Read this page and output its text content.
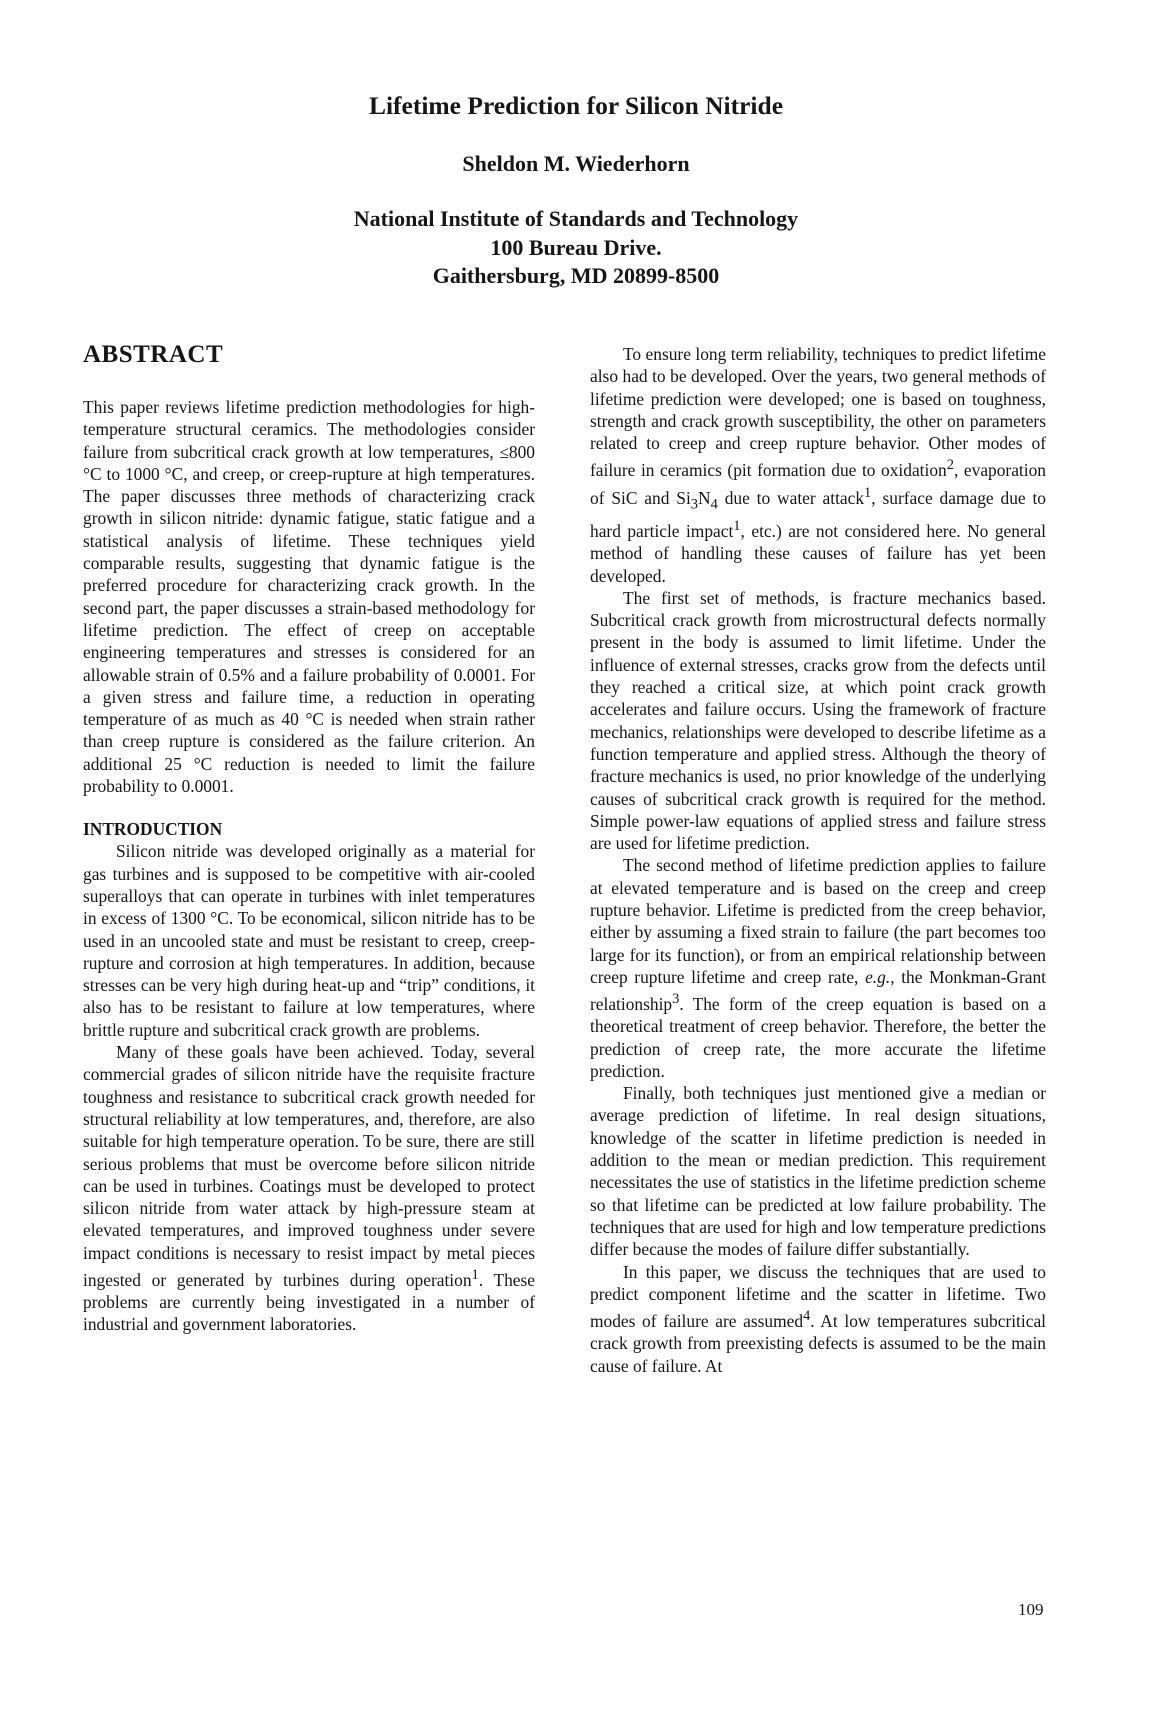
Lifetime Prediction for Silicon Nitride
Sheldon M. Wiederhorn
National Institute of Standards and Technology
100 Bureau Drive.
Gaithersburg, MD 20899-8500
ABSTRACT

This paper reviews lifetime prediction methodologies for high-temperature structural ceramics. The methodologies consider failure from subcritical crack growth at low temperatures, ≤800 °C to 1000 °C, and creep, or creep-rupture at high temperatures. The paper discusses three methods of characterizing crack growth in silicon nitride: dynamic fatigue, static fatigue and a statistical analysis of lifetime. These techniques yield comparable results, suggesting that dynamic fatigue is the preferred procedure for characterizing crack growth. In the second part, the paper discusses a strain-based methodology for lifetime prediction. The effect of creep on acceptable engineering temperatures and stresses is considered for an allowable strain of 0.5% and a failure probability of 0.0001. For a given stress and failure time, a reduction in operating temperature of as much as 40 °C is needed when strain rather than creep rupture is considered as the failure criterion. An additional 25 °C reduction is needed to limit the failure probability to 0.0001.

INTRODUCTION

Silicon nitride was developed originally as a material for gas turbines and is supposed to be competitive with air-cooled superalloys that can operate in turbines with inlet temperatures in excess of 1300 °C. To be economical, silicon nitride has to be used in an uncooled state and must be resistant to creep, creep-rupture and corrosion at high temperatures. In addition, because stresses can be very high during heat-up and “trip” conditions, it also has to be resistant to failure at low temperatures, where brittle rupture and subcritical crack growth are problems.

Many of these goals have been achieved. Today, several commercial grades of silicon nitride have the requisite fracture toughness and resistance to subcritical crack growth needed for structural reliability at low temperatures, and, therefore, are also suitable for high temperature operation. To be sure, there are still serious problems that must be overcome before silicon nitride can be used in turbines. Coatings must be developed to protect silicon nitride from water attack by high-pressure steam at elevated temperatures, and improved toughness under severe impact conditions is necessary to resist impact by metal pieces ingested or generated by turbines during operation$^1$. These problems are currently being investigated in a number of industrial and government laboratories.

To ensure long term reliability, techniques to predict lifetime also had to be developed. Over the years, two general methods of lifetime prediction were developed; one is based on toughness, strength and crack growth susceptibility, the other on parameters related to creep and creep rupture behavior. Other modes of failure in ceramics (pit formation due to oxidation$^2$, evaporation of SiC and $Si_3N_4$ due to water attack$^1$, surface damage due to hard particle impact$^1$, etc.) are not considered here. No general method of handling these causes of failure has yet been developed.

The first set of methods, is fracture mechanics based. Subcritical crack growth from microstructural defects normally present in the body is assumed to limit lifetime. Under the influence of external stresses, cracks grow from the defects until they reached a critical size, at which point crack growth accelerates and failure occurs. Using the framework of fracture mechanics, relationships were developed to describe lifetime as a function temperature and applied stress. Although the theory of fracture mechanics is used, no prior knowledge of the underlying causes of subcritical crack growth is required for the method. Simple power-law equations of applied stress and failure stress are used for lifetime prediction.

The second method of lifetime prediction applies to failure at elevated temperature and is based on the creep and creep rupture behavior. Lifetime is predicted from the creep behavior, either by assuming a fixed strain to failure (the part becomes too large for its function), or from an empirical relationship between creep rupture lifetime and creep rate, e.g., the Monkman-Grant relationship$^3$. The form of the creep equation is based on a theoretical treatment of creep behavior. Therefore, the better the prediction of creep rate, the more accurate the lifetime prediction.

Finally, both techniques just mentioned give a median or average prediction of lifetime. In real design situations, knowledge of the scatter in lifetime prediction is needed in addition to the mean or median prediction. This requirement necessitates the use of statistics in the lifetime prediction scheme so that lifetime can be predicted at low failure probability. The techniques that are used for high and low temperature predictions differ because the modes of failure differ substantially.

In this paper, we discuss the techniques that are used to predict component lifetime and the scatter in lifetime. Two modes of failure are assumed$^4$. At low temperatures subcritical crack growth from preexisting defects is assumed to be the main cause of failure. At

109
